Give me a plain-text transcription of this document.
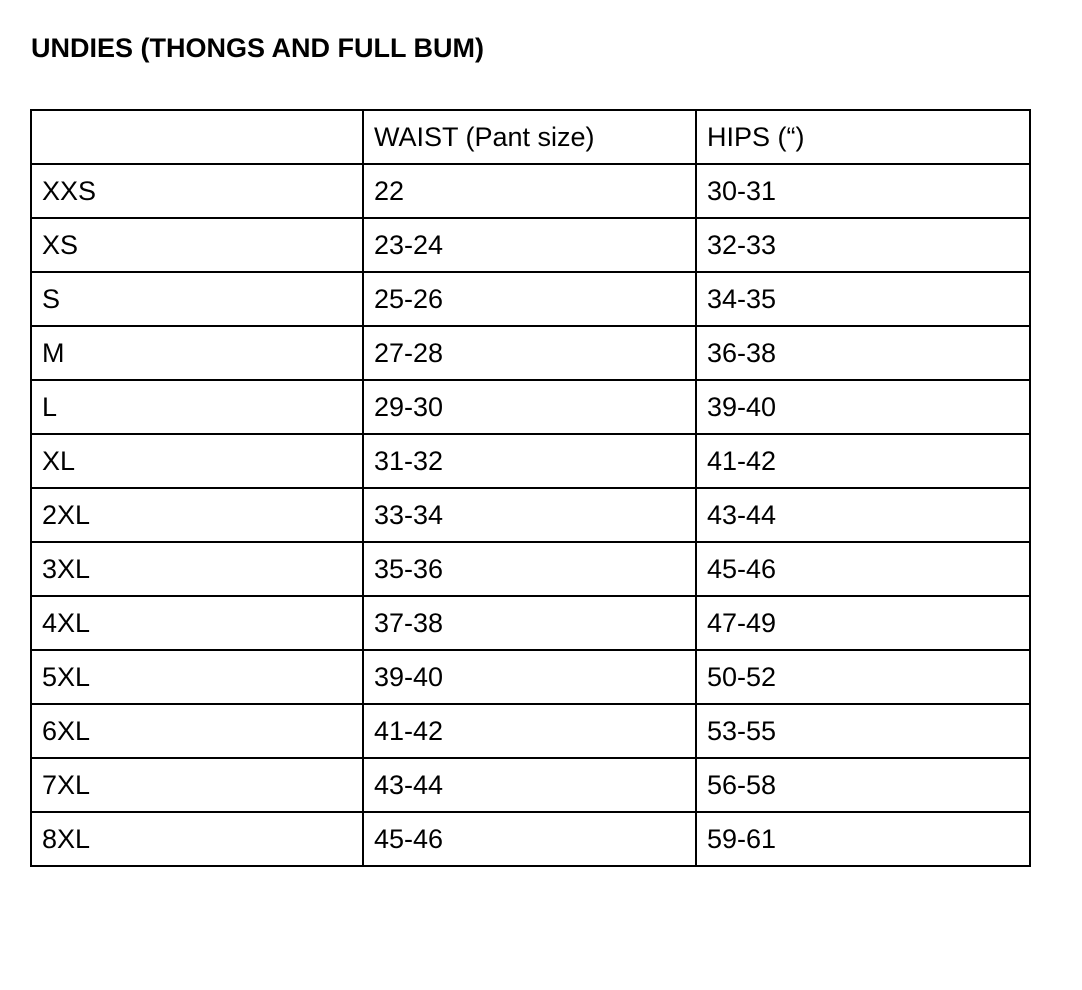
UNDIES (THONGS AND FULL BUM)
	WAIST (Pant size)	HIPS (“)
XXS	22	30-31
XS	23-24	32-33
S	25-26	34-35
M	27-28	36-38
L	29-30	39-40
XL	31-32	41-42
2XL	33-34	43-44
3XL	35-36	45-46
4XL	37-38	47-49
5XL	39-40	50-52
6XL	41-42	53-55
7XL	43-44	56-58
8XL	45-46	59-61
